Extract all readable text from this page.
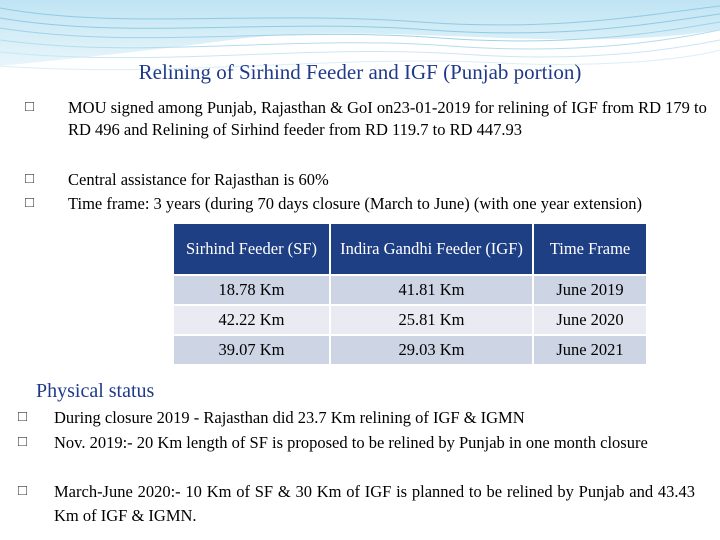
Relining of Sirhind Feeder and IGF (Punjab portion)
□ MOU signed among Punjab, Rajasthan & GoI on23-01-2019 for relining of IGF from RD 179 to RD 496 and Relining of Sirhind feeder from RD 119.7 to RD 447.93
□ Central assistance for Rajasthan is 60%
□ Time frame: 3 years (during 70 days closure (March to June) (with one year extension)
Sirhind Feeder (SF)	Indira Gandhi Feeder (IGF)	Time Frame
18.78 Km	41.81 Km	June 2019
42.22 Km	25.81 Km	June 2020
39.07 Km	29.03 Km	June 2021
Physical status
□ During closure 2019 - Rajasthan did 23.7 Km relining of IGF & IGMN
□ Nov. 2019:- 20 Km length of SF is proposed to be relined by Punjab in one month closure
□ March-June 2020:- 10 Km of SF & 30 Km of IGF is planned to be relined by Punjab and 43.43 Km of IGF & IGMN.
